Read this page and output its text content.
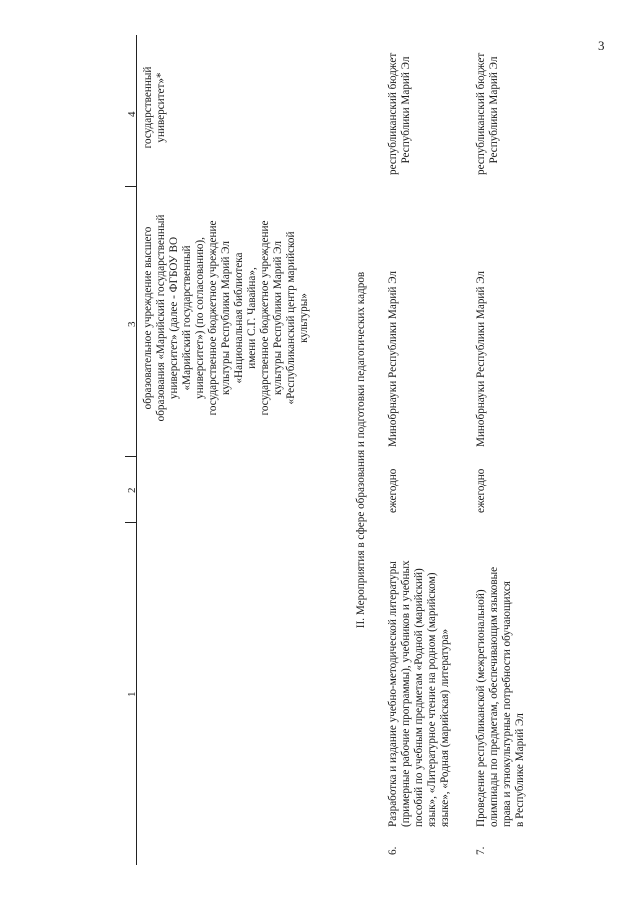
3
1
2
3
4
образовательное учреждение высшего образования «Марийский государственный университет» (далее - ФГБОУ ВО «Марийский государственный университет») (по согласованию), государственное бюджетное учреждение культуры Республики Марий Эл «Национальная библиотека имени С.Г. Чавайна», государственное бюджетное учреждение культуры Республики Марий Эл «Республиканский центр марийской культуры»
государственный университет»*
II. Мероприятия в сфере образования и подготовки педагогических кадров
6.
Разработка и издание учебно-методической литературы (примерные рабочие программы), учебников и учебных пособий по учебным предметам «Родной (марийский) язык», «Литературное чтение на родном (марийском) языке», «Родная (марийская) литература»
ежегодно
Минобрнауки Республики Марий Эл
республиканский бюджет Республики Марий Эл
7.
Проведение республиканской (межрегиональной) олимпиады по предметам, обеспечивающим языковые права и этнокультурные потребности обучающихся в Республике Марий Эл
ежегодно
Минобрнауки Республики Марий Эл
республиканский бюджет Республики Марий Эл
